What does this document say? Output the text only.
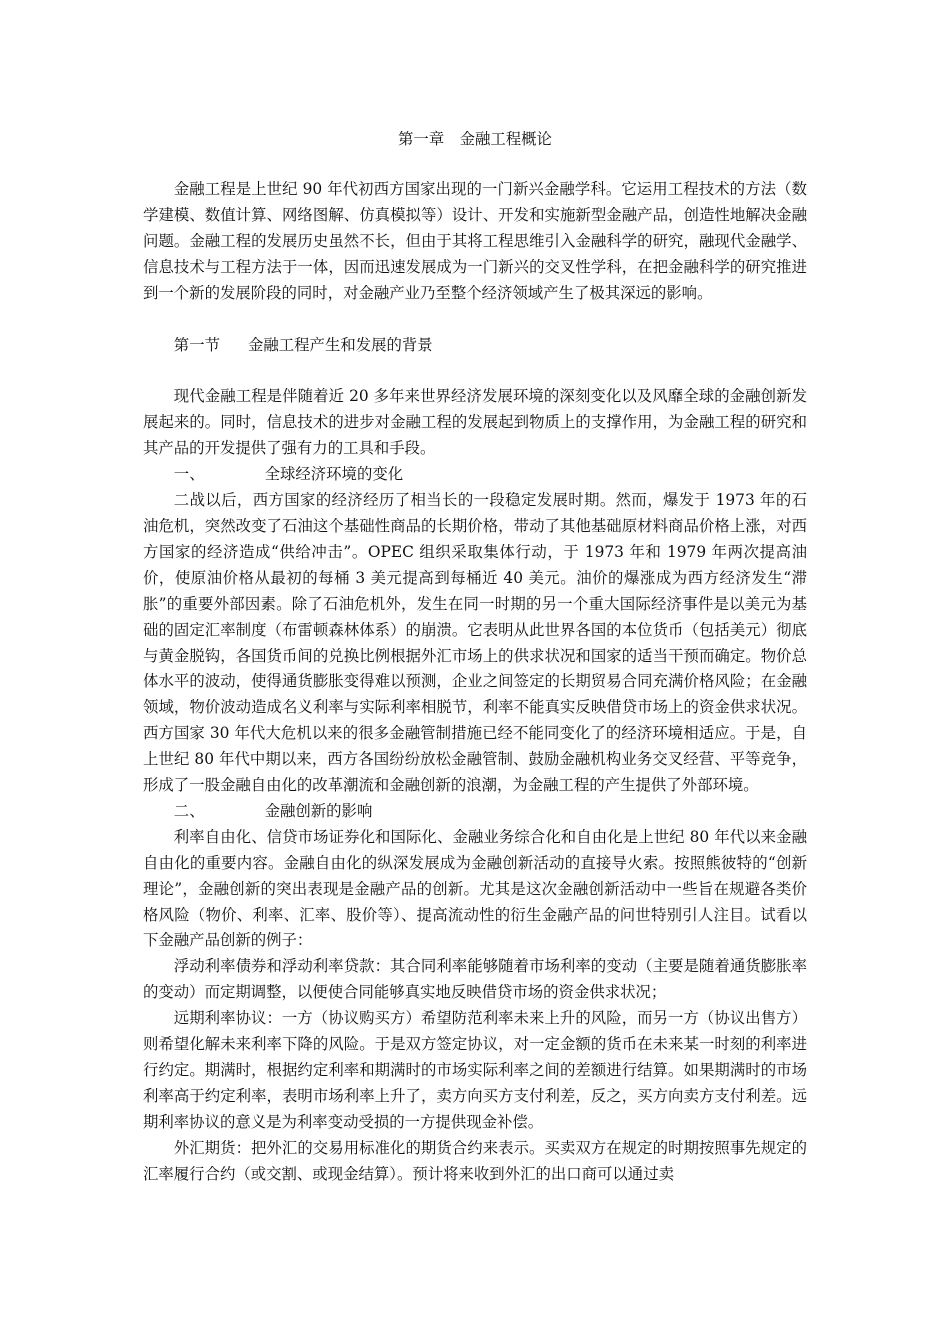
第一章　金融工程概论

金融工程是上世纪 90 年代初西方国家出现的一门新兴金融学科。它运用工程技术的方法（数学建模、数值计算、网络图解、仿真模拟等）设计、开发和实施新型金融产品，创造性地解决金融问题。金融工程的发展历史虽然不长，但由于其将工程思维引入金融科学的研究，融现代金融学、信息技术与工程方法于一体，因而迅速发展成为一门新兴的交叉性学科，在把金融科学的研究推进到一个新的发展阶段的同时，对金融产业乃至整个经济领域产生了极其深远的影响。

第一节 金融工程产生和发展的背景

现代金融工程是伴随着近 20 多年来世界经济发展环境的深刻变化以及风靡全球的金融创新发展起来的。同时，信息技术的进步对金融工程的发展起到物质上的支撑作用，为金融工程的研究和其产品的开发提供了强有力的工具和手段。

一、	全球经济环境的变化

二战以后，西方国家的经济经历了相当长的一段稳定发展时期。然而，爆发于 1973 年的石油危机，突然改变了石油这个基础性商品的长期价格，带动了其他基础原材料商品价格上涨，对西方国家的经济造成“供给冲击”。OPEC 组织采取集体行动，于 1973 年和 1979 年两次提高油价，使原油价格从最初的每桶 3 美元提高到每桶近 40 美元。油价的爆涨成为西方经济发生“滞胀”的重要外部因素。除了石油危机外，发生在同一时期的另一个重大国际经济事件是以美元为基础的固定汇率制度（布雷顿森林体系）的崩溃。它表明从此世界各国的本位货币（包括美元）彻底与黄金脱钩，各国货币间的兑换比例根据外汇市场上的供求状况和国家的适当干预而确定。物价总体水平的波动，使得通货膨胀变得难以预测，企业之间签定的长期贸易合同充满价格风险；在金融领域，物价波动造成名义利率与实际利率相脱节，利率不能真实反映借贷市场上的资金供求状况。西方国家 30 年代大危机以来的很多金融管制措施已经不能同变化了的经济环境相适应。于是，自上世纪 80 年代中期以来，西方各国纷纷放松金融管制、鼓励金融机构业务交叉经营、平等竞争，形成了一股金融自由化的改革潮流和金融创新的浪潮，为金融工程的产生提供了外部环境。

二、	金融创新的影响

利率自由化、信贷市场证券化和国际化、金融业务综合化和自由化是上世纪 80 年代以来金融自由化的重要内容。金融自由化的纵深发展成为金融创新活动的直接导火索。按照熊彼特的“创新理论”，金融创新的突出表现是金融产品的创新。尤其是这次金融创新活动中一些旨在规避各类价格风险（物价、利率、汇率、股价等）、提高流动性的衍生金融产品的问世特别引人注目。试看以下金融产品创新的例子：

浮动利率债券和浮动利率贷款：其合同利率能够随着市场利率的变动（主要是随着通货膨胀率的变动）而定期调整，以便使合同能够真实地反映借贷市场的资金供求状况；

远期利率协议：一方（协议购买方）希望防范利率未来上升的风险，而另一方（协议出售方）则希望化解未来利率下降的风险。于是双方签定协议，对一定金额的货币在未来某一时刻的利率进行约定。期满时，根据约定利率和期满时的市场实际利率之间的差额进行结算。如果期满时的市场利率高于约定利率，表明市场利率上升了，卖方向买方支付利差，反之，买方向卖方支付利差。远期利率协议的意义是为利率变动受损的一方提供现金补偿。

外汇期货：把外汇的交易用标准化的期货合约来表示。买卖双方在规定的时期按照事先规定的汇率履行合约（或交割、或现金结算）。预计将来收到外汇的出口商可以通过卖
